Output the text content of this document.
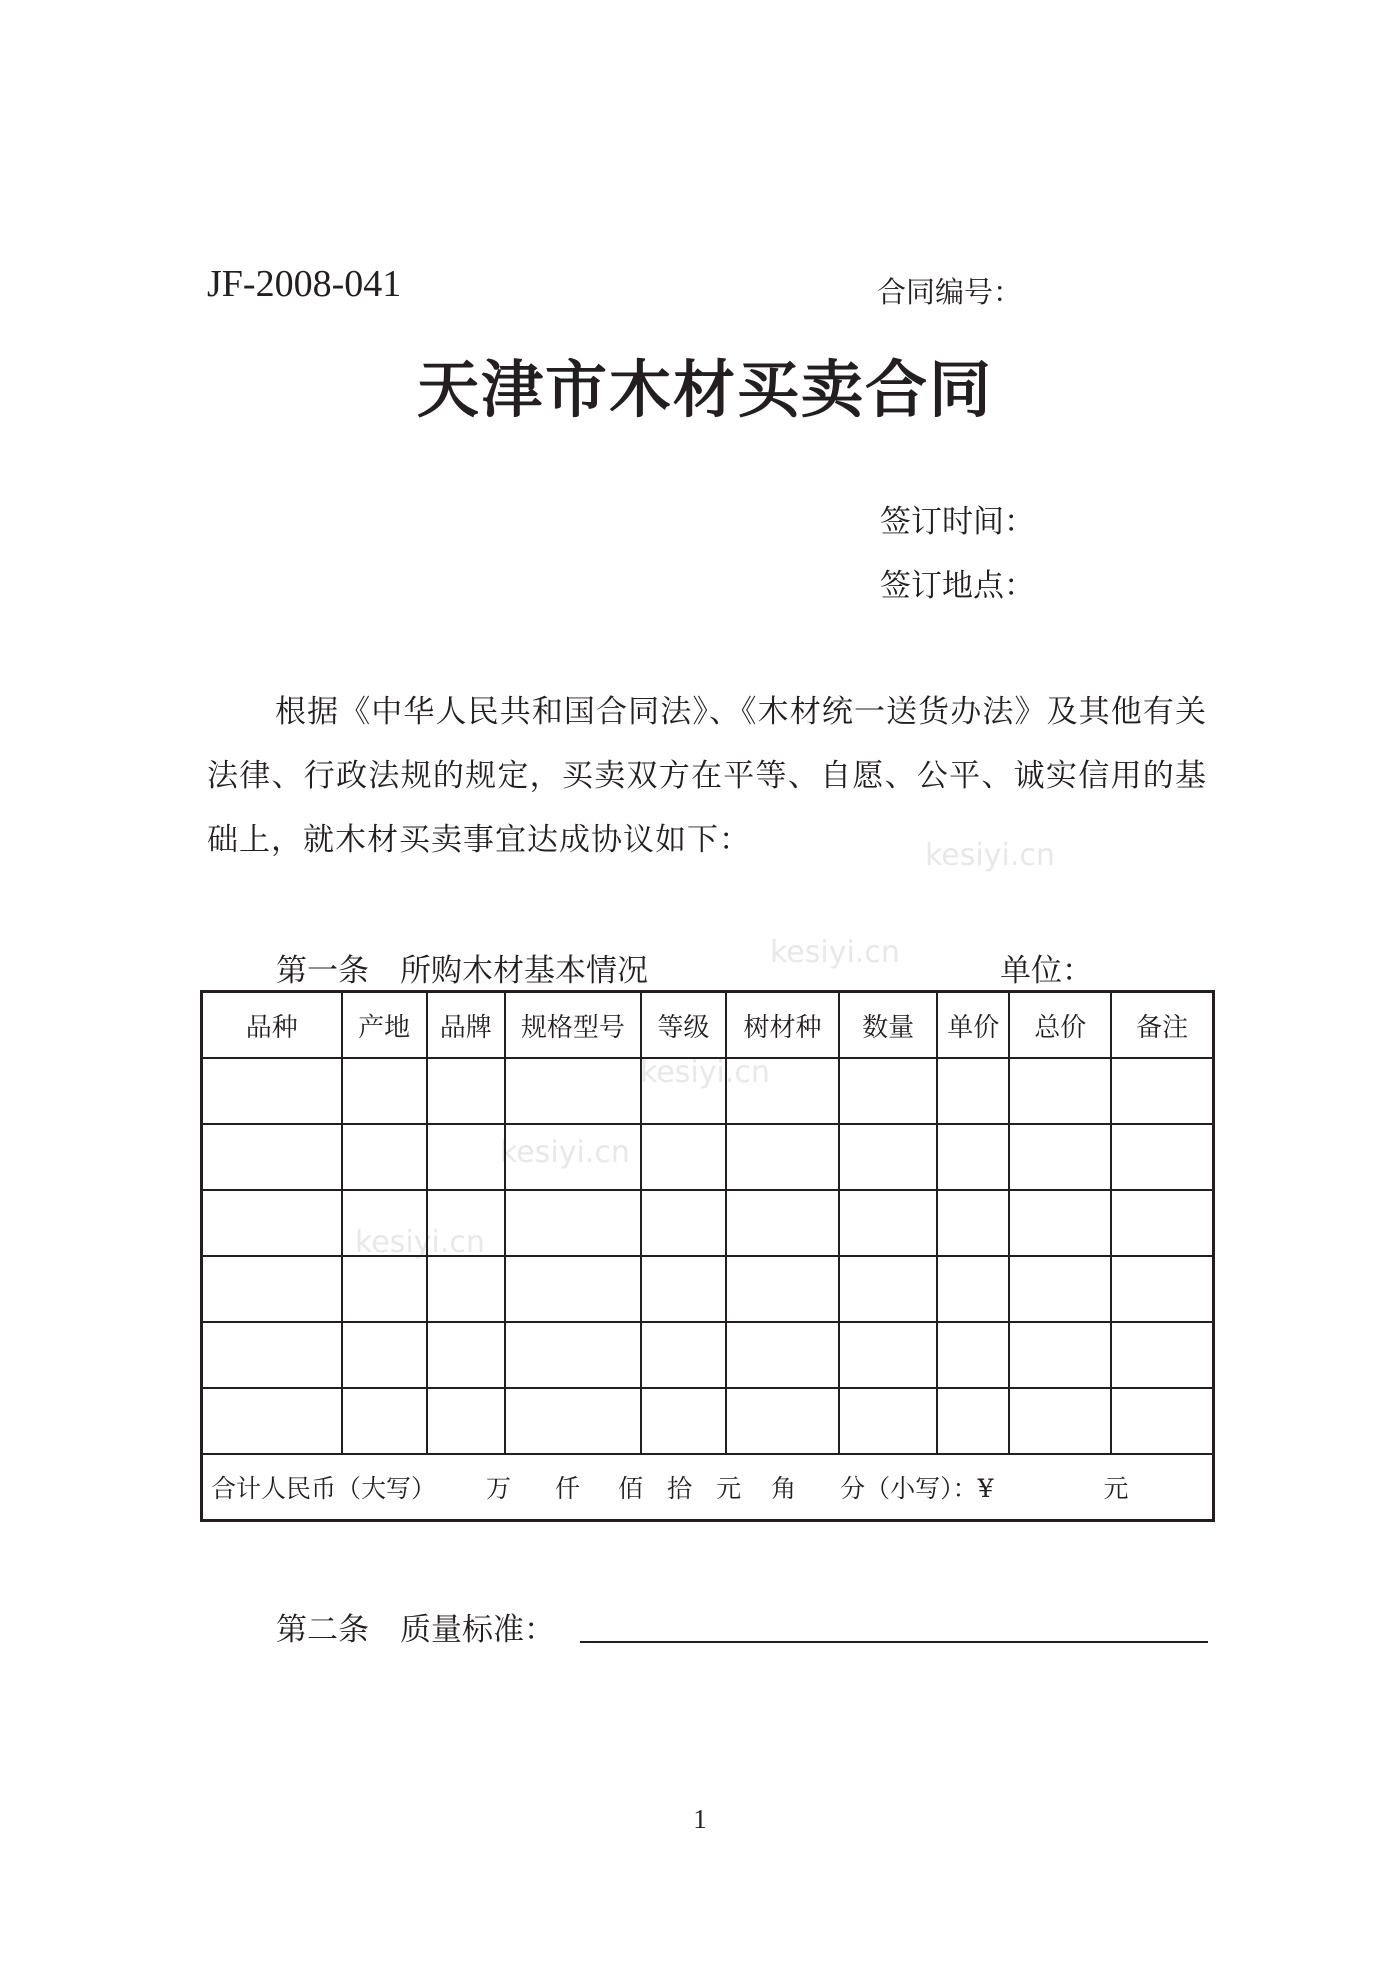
kesiyi.cn
kesiyi.cn
kesiyi.cn
kesiyi.cn
kesiyi.cn
JF-2008-041	合同编号：
天津市木材买卖合同
签订时间：
签订地点：
根据《中华人民共和国合同法》、《木材统一送货办法》及其他有关法律、行政法规的规定，买卖双方在平等、自愿、公平、诚实信用的基础上，就木材买卖事宜达成协议如下：
第一条　所购木材基本情况	单位：
品种	产地	品牌	规格型号	等级	树材种	数量	单价	总价	备注

合计人民币（大写） 万 仟 佰 拾 元 角 分（小写）：¥ 元									
第二条　质量标准：
1
